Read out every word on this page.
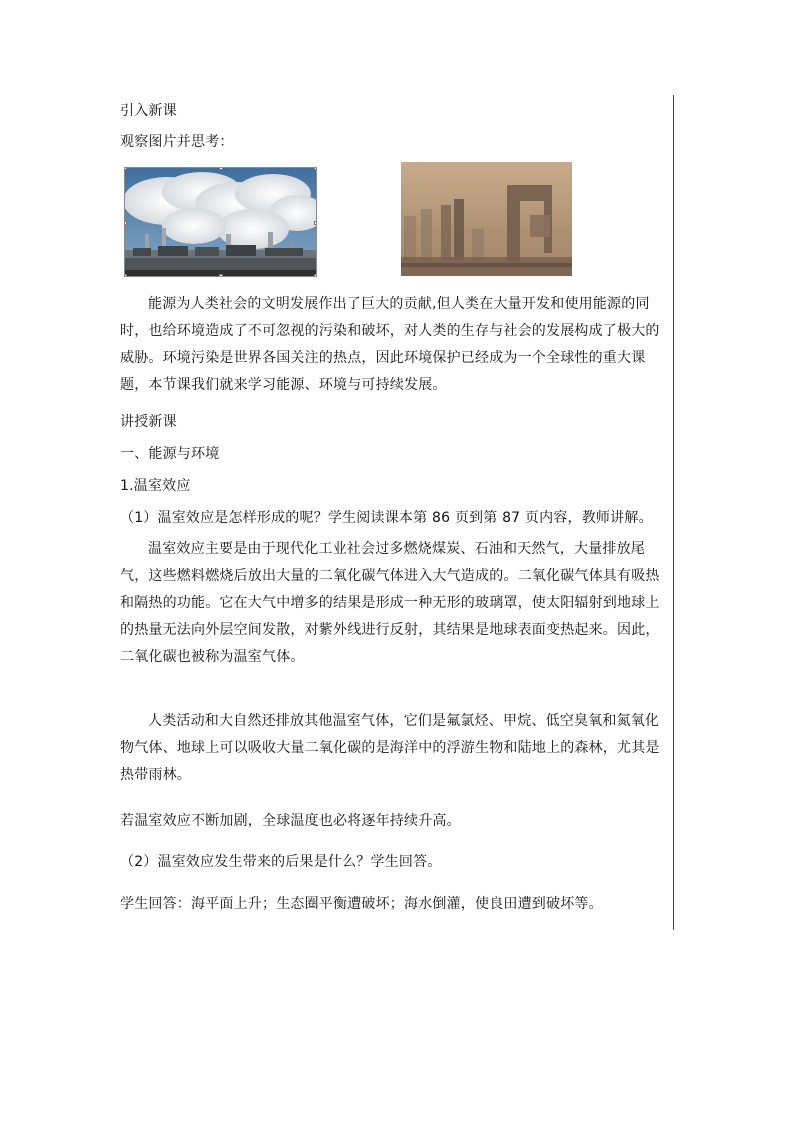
引入新课
观察图片并思考：
能源为人类社会的文明发展作出了巨大的贡献,但人类在大量开发和使用能源的同时，也给环境造成了不可忽视的污染和破坏，对人类的生存与社会的发展构成了极大的威胁。环境污染是世界各国关注的热点，因此环境保护已经成为一个全球性的重大课题，本节课我们就来学习能源、环境与可持续发展。
讲授新课
一、能源与环境
1.温室效应
（1）温室效应是怎样形成的呢？学生阅读课本第 86 页到第 87 页内容，教师讲解。
温室效应主要是由于现代化工业社会过多燃烧煤炭、石油和天然气，大量排放尾气，这些燃料燃烧后放出大量的二氧化碳气体进入大气造成的。二氧化碳气体具有吸热和隔热的功能。它在大气中增多的结果是形成一种无形的玻璃罩，使太阳辐射到地球上的热量无法向外层空间发散，对紫外线进行反射，其结果是地球表面变热起来。因此，二氧化碳也被称为温室气体。
人类活动和大自然还排放其他温室气体，它们是氟氯烃、甲烷、低空臭氧和氮氧化物气体、地球上可以吸收大量二氧化碳的是海洋中的浮游生物和陆地上的森林，尤其是热带雨林。
若温室效应不断加剧，全球温度也必将逐年持续升高。
（2）温室效应发生带来的后果是什么？学生回答。
学生回答：海平面上升；生态圈平衡遭破坏；海水倒灌，使良田遭到破坏等。
